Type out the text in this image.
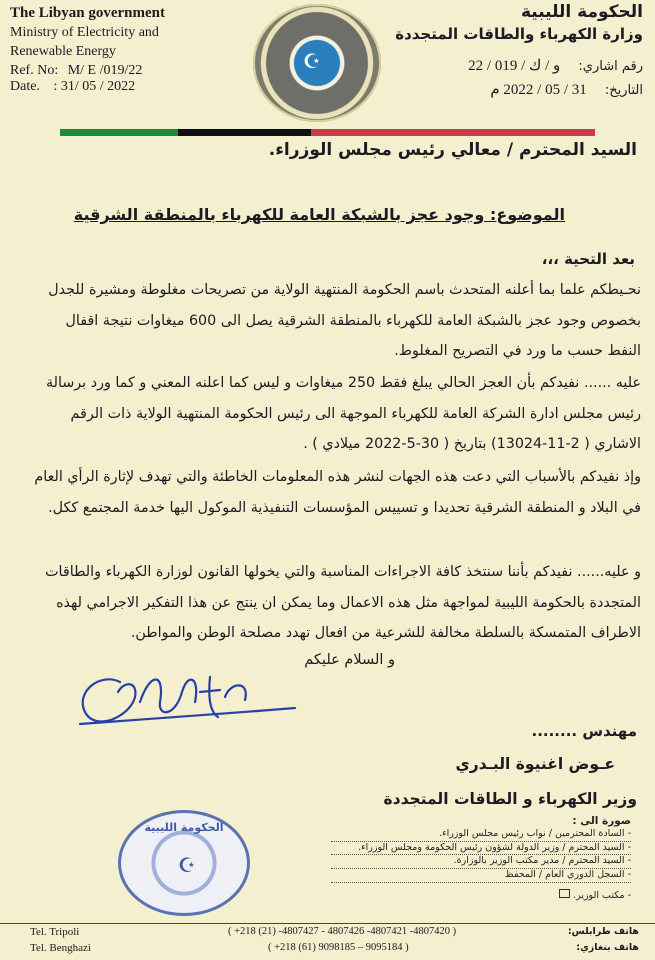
The Libyan government
Ministry of Electricity and
Renewable Energy
Ref. No: M/ E /019/22
Date. : 31/ 05 / 2022
☪
الحكومة الليبية
وزارة الكهرباء والطاقات المتجددة
رقم اشاري: و / ك / 019 / 22
التاريخ: 31 / 05 / 2022 م
السيد المحترم / معالي رئيس مجلس الوزراء.
الموضوع: وجود عجز بالشبكة العامة للكهرباء بالمنطقة الشرقية
بعد التحية ،،،
نحـيطكم علما بما أعلنه المتحدث باسم الحكومة المنتهية الولاية من تصريحات مغلوطة ومشيرة للجدل بخصوص وجود عجز بالشبكة العامة للكهرباء بالمنطقة الشرقية يصل الى 600 ميغاوات نتيجة اقفال النفط حسب ما ورد في التصريح المغلوط.
عليه ...... نفيدكم بأن العجز الحالي يبلغ فقط 250 ميغاوات و ليس كما اعلنه المعني و كما ورد برسالة رئيس مجلس ادارة الشركة العامة للكهرباء الموجهة الى رئيس الحكومة المنتهية الولاية ذات الرقم الاشاري ( 2-11-13024) بتاريخ ( 30-5-2022 ميلادي ) .
وإذ نفيدكم بالأسباب التي دعت هذه الجهات لنشر هذه المعلومات الخاطئة والتي تهدف لإثارة الرأي العام في البلاد و المنطقة الشرقية تحديدا و تسييس المؤسسات التنفيذية الموكول اليها خدمة المجتمع ككل.
و عليه...... نفيدكم بأننا سنتخذ كافة الاجراءات المناسبة والتي يخولها القانون لوزارة الكهرباء والطاقات المتجددة بالحكومة الليبية لمواجهة مثل هذه الاعمال وما يمكن ان ينتج عن هذا التفكير الاجرامي لهذه الاطراف المتمسكة بالسلطة مخالفة للشرعية من افعال تهدد مصلحة الوطن والمواطن.
و السلام عليكم
مهندس ........
عـوض اغنيوة البـدري
وزير الكهرباء و الطاقات المتجددة
الحكومة الليبية
☪
صورة الى :
- السادة المحترمين / نواب رئيس مجلس الوزراء.
- السيد المحترم / وزير الدولة لشؤون رئيس الحكومة ومجلس الوزراء.
- السيد المحترم / مدير مكتب الوزير بالوزارة.
- السجل الدوري العام / المحفظ
- مكتب الوزير.
Tel. Tripoli
Tel. Benghazi
( +218 (21) -4807427 - 4807426 -4807421 -4807420 )
( +218 (61) 9098185 – 9095184 )
هاتف طرابلس:
هاتف بنغازي:
